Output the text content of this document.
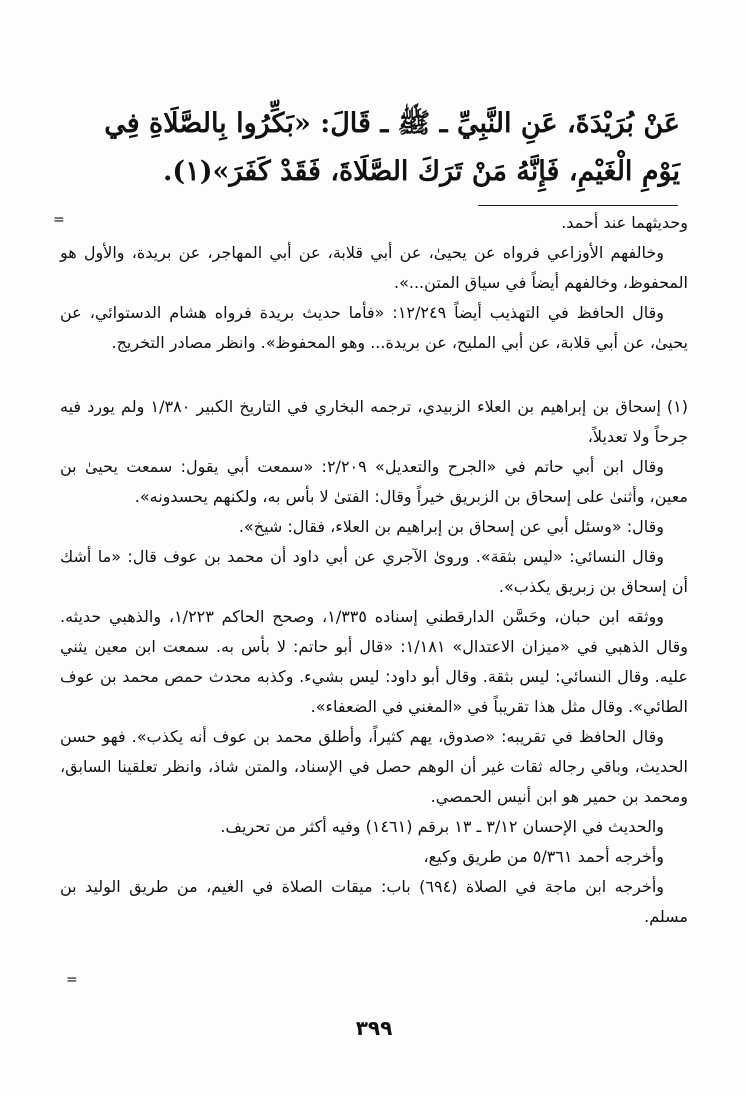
عَنْ بُرَيْدَةَ، عَنِ النَّبِيِّ ـ ﷺ ـ قَالَ: «بَكِّرُوا بِالصَّلَاةِ فِي يَوْمِ الْغَيْمِ، فَإِنَّهُ مَنْ تَرَكَ الصَّلَاةَ، فَقَدْ كَفَرَ»(١).
=	وحديثهما عند أحمد.

وخالفهم الأوزاعي فرواه عن يحيىٰ، عن أبي قلابة، عن أبي المهاجر، عن بريدة، والأول هو المحفوظ، وخالفهم أيضاً في سياق المتن...».

وقال الحافظ في التهذيب أيضاً ١٢/٢٤٩: «فأما حديث بريدة فرواه هشام الدستوائي، عن يحيىٰ، عن أبي قلابة، عن أبي المليح، عن بريدة... وهو المحفوظ». وانظر مصادر التخريج.

(١)إسحاق بن إبراهيم بن العلاء الزبيدي، ترجمه البخاري في التاريخ الكبير ١/٣٨٠ ولم يورد فيه جرحاً ولا تعديلاً،

وقال ابن أبي حاتم في «الجرح والتعديل» ٢/٢٠٩: «سمعت أبي يقول: سمعت يحيىٰ بن معين، وأثنىٰ على إسحاق بن الزبريق خيراً وقال: الفتىٰ لا بأس به، ولكنهم يحسدونه».

وقال: «وسئل أبي عن إسحاق بن إبراهيم بن العلاء، فقال: شيخ».

وقال النسائي: «ليس بثقة». وروىٰ الآجري عن أبي داود أن محمد بن عوف قال: «ما أشك أن إسحاق بن زبريق يكذب».

ووثقه ابن حبان، وحَسَّن الدارقطني إسناده ١/٣٣٥، وصحح الحاكم ١/٢٢٣، والذهبي حديثه. وقال الذهبي في «ميزان الاعتدال» ١/١٨١: «قال أبو حاتم: لا بأس به. سمعت ابن معين يثني عليه. وقال النسائي: ليس بثقة. وقال أبو داود: ليس بشيء. وكذبه محدث حمص محمد بن عوف الطائي». وقال مثل هذا تقريباً في «المغني في الضعفاء».

وقال الحافظ في تقريبه: «صدوق، يهم كثيراً، وأطلق محمد بن عوف أنه يكذب». فهو حسن الحديث، وباقي رجاله ثقات غير أن الوهم حصل في الإسناد، والمتن شاذ، وانظر تعلقينا السابق، ومحمد بن حمير هو ابن أنيس الحمصي.

والحديث في الإحسان ٣/١٢ ـ ١٣ برقم (١٤٦١) وفيه أكثر من تحريف.

وأخرجه أحمد ٥/٣٦١ من طريق وكيع،

وأخرجه ابن ماجة في الصلاة (٦٩٤) باب: ميقات الصلاة في الغيم، من طريق الوليد بن مسلم.

=
٣٩٩
